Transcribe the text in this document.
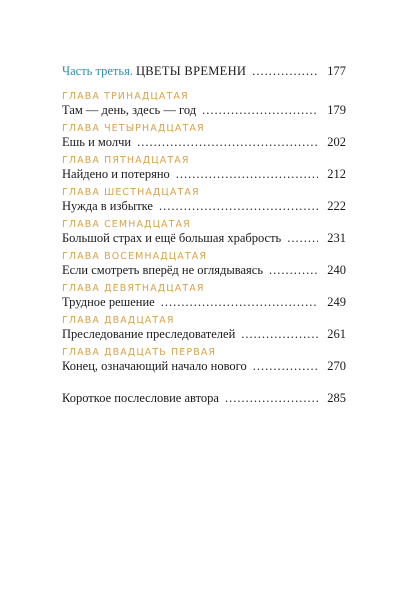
Часть третья. ЦВЕТЫ ВРЕМЕНИ .....	177
ГЛАВА ТРИНАДЦАТАЯ
Там — день, здесь — год .....	179
ГЛАВА ЧЕТЫРНАДЦАТАЯ
Ешь и молчи .....	202
ГЛАВА ПЯТНАДЦАТАЯ
Найдено и потеряно .....	212
ГЛАВА ШЕСТНАДЦАТАЯ
Нужда в избытке .....	222
ГЛАВА СЕМНАДЦАТАЯ
Большой страх и ещё большая храбрость .....	231
ГЛАВА ВОСЕМНАДЦАТАЯ
Если смотреть вперёд не оглядываясь .....	240
ГЛАВА ДЕВЯТНАДЦАТАЯ
Трудное решение .....	249
ГЛАВА ДВАДЦАТАЯ
Преследование преследователей .....	261
ГЛАВА ДВАДЦАТЬ ПЕРВАЯ
Конец, означающий начало нового .....	270
Короткое послесловие автора .....	285
